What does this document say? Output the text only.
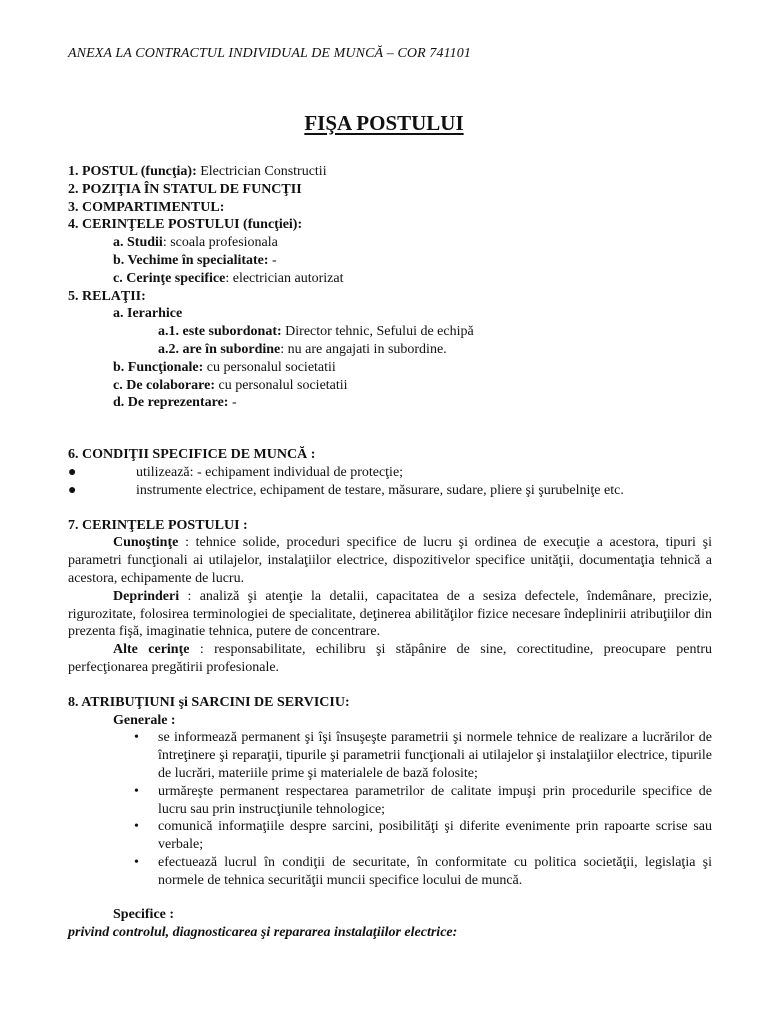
ANEXA LA CONTRACTUL INDIVIDUAL DE MUNCĂ – COR 741101
FIŞA POSTULUI
1. POSTUL (funcţia): Electrician Constructii
2. POZIŢIA ÎN STATUL DE FUNCŢII
3. COMPARTIMENTUL:
4. CERINŢELE POSTULUI (funcţiei):
a. Studii: scoala profesionala
b. Vechime în specialitate: -
c. Cerinţe specifice: electrician autorizat
5. RELAŢII:
a. Ierarhice
a.1. este subordonat: Director tehnic, Sefului de echipă
a.2. are în subordine: nu are angajati in subordine.
b. Funcţionale: cu personalul societatii
c. De colaborare: cu personalul societatii
d. De reprezentare: -
6. CONDIŢII SPECIFICE DE MUNCĂ :
●	utilizează: - echipament individual de protecţie;
●	instrumente electrice, echipament de testare, măsurare, sudare, pliere şi şurubelniţe etc.
7. CERINŢELE POSTULUI :
Cunoştinţe : tehnice solide, proceduri specifice de lucru şi ordinea de execuţie a acestora, tipuri şi parametri funcţionali ai utilajelor, instalaţiilor electrice, dispozitivelor specifice unităţii, documentaţia tehnică a acestora, echipamente de lucru.
Deprinderi : analiză şi atenţie la detalii, capacitatea de a sesiza defectele, îndemânare, precizie, rigurozitate, folosirea terminologiei de specialitate, deţinerea abilităţilor fizice necesare îndeplinirii atribuţiilor din prezenta fişă, imaginatie tehnica, putere de concentrare.
Alte cerinţe : responsabilitate, echilibru şi stăpânire de sine, corectitudine, preocupare pentru perfecţionarea pregătirii profesionale.
8. ATRIBUŢIUNI şi SARCINI DE SERVICIU:
Generale :
• se informează permanent şi îşi însuşeşte parametrii şi normele tehnice de realizare a lucrărilor de întreţinere şi reparaţii, tipurile şi parametrii funcţionali ai utilajelor şi instalaţiilor electrice, tipurile de lucrări, materiile prime şi materialele de bază folosite;
• urmăreşte permanent respectarea parametrilor de calitate impuşi prin procedurile specifice de lucru sau prin instrucţiunile tehnologice;
• comunică informaţiile despre sarcini, posibilităţi şi diferite evenimente prin rapoarte scrise sau verbale;
• efectuează lucrul în condiţii de securitate, în conformitate cu politica societăţii, legislaţia şi normele de tehnica securităţii muncii specifice locului de muncă.
Specifice :
privind controlul, diagnosticarea şi repararea instalaţiilor electrice:
